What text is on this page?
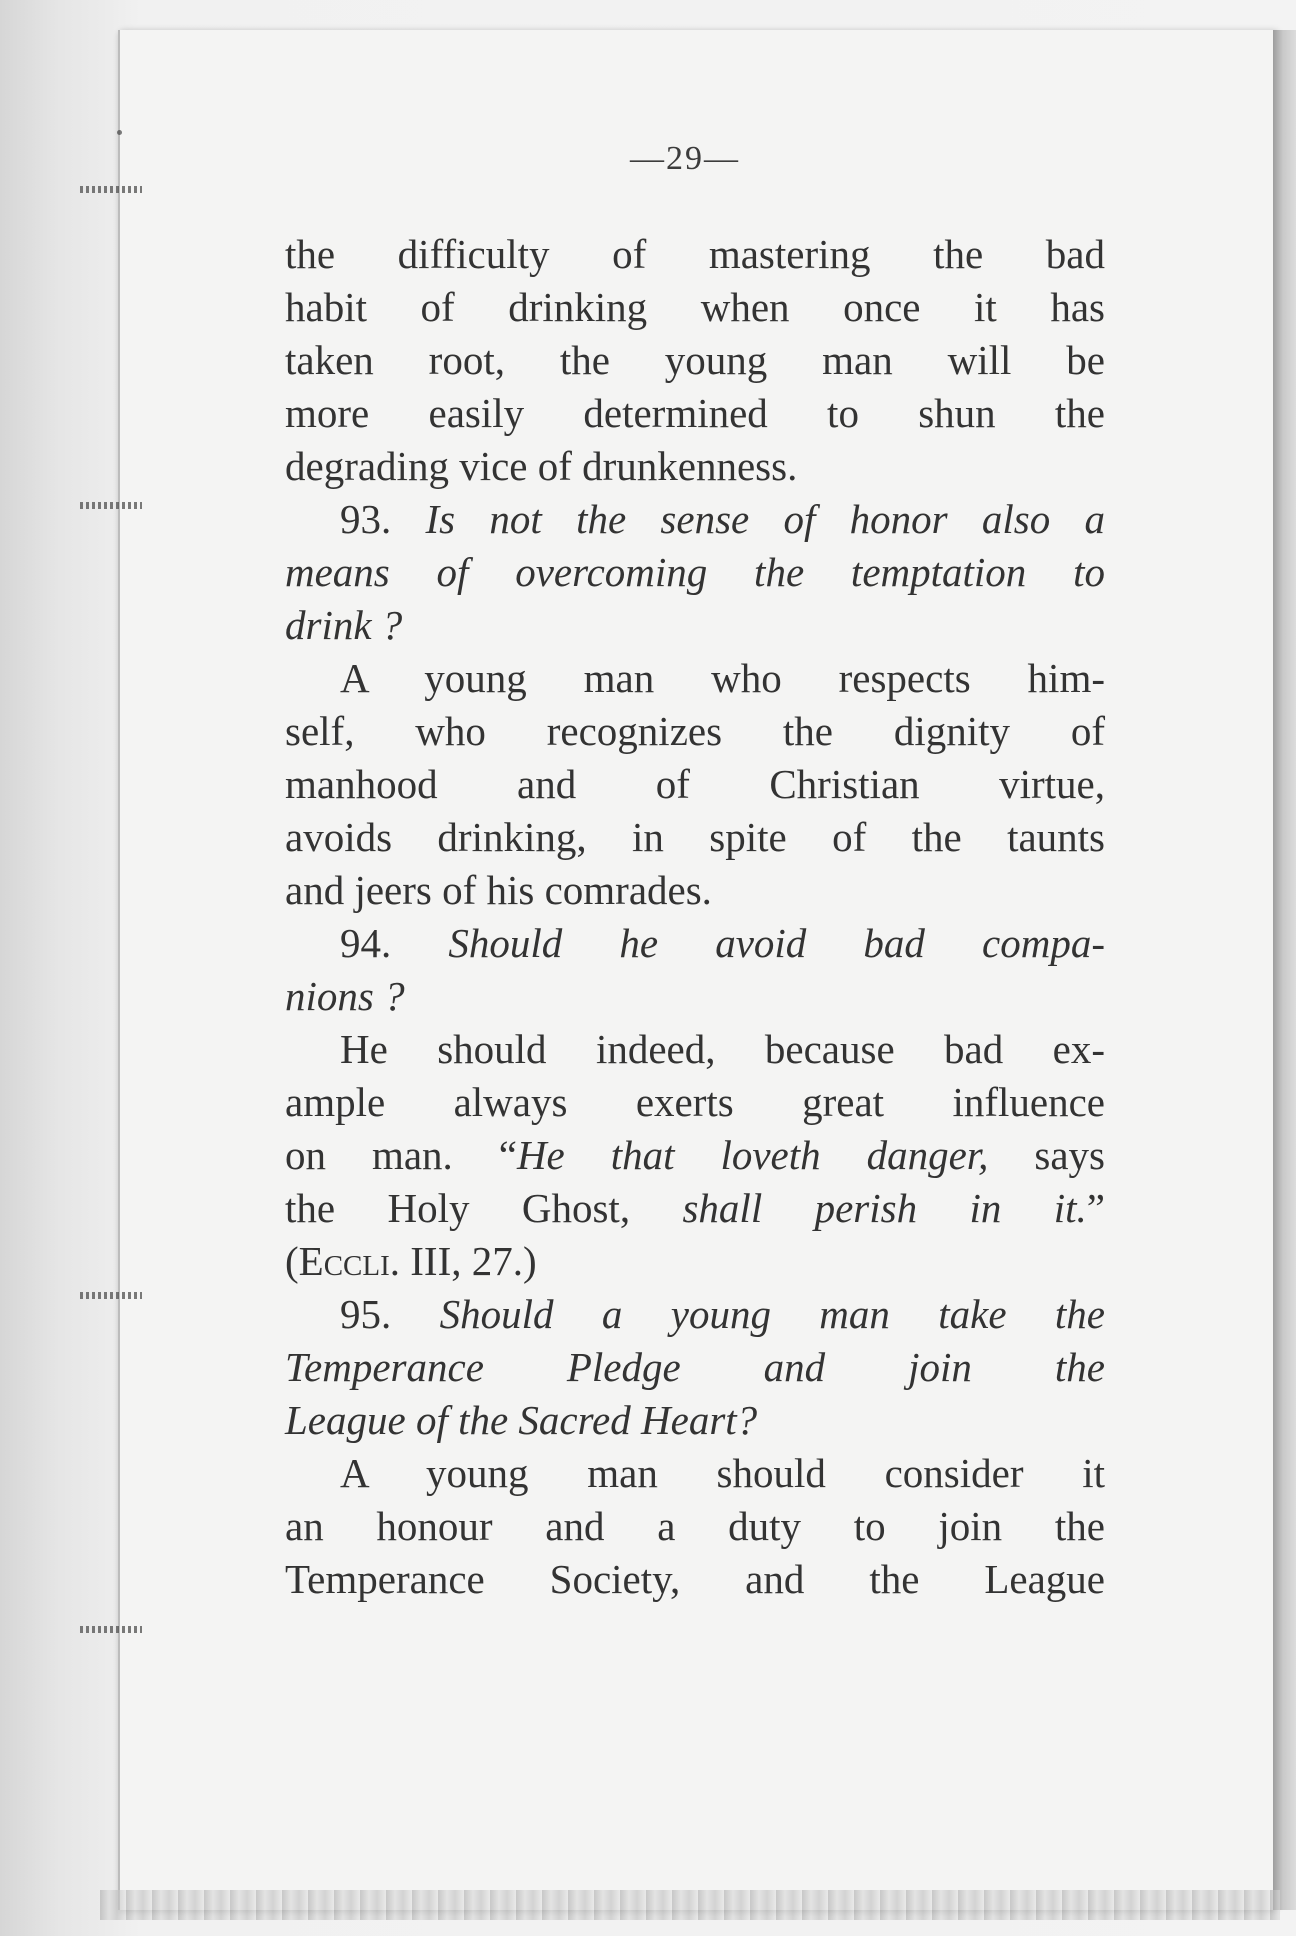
—29—
the difficulty of mastering the bad
habit of drinking when once it has
taken root, the young man will be
more easily determined to shun the
degrading vice of drunkenness.
93. Is not the sense of honor also a
means of overcoming the temptation to
drink ?
A young man who respects him-
self, who recognizes the dignity of
manhood and of Christian virtue,
avoids drinking, in spite of the taunts
and jeers of his comrades.
94. Should he avoid bad compa-
nions ?
He should indeed, because bad ex-
ample always exerts great influence
on man. “He that loveth danger, says
the Holy Ghost, shall perish in it.”
(Eccli. III, 27.)
95. Should a young man take the
Temperance Pledge and join the
League of the Sacred Heart?
A young man should consider it
an honour and a duty to join the
Temperance Society, and the League
